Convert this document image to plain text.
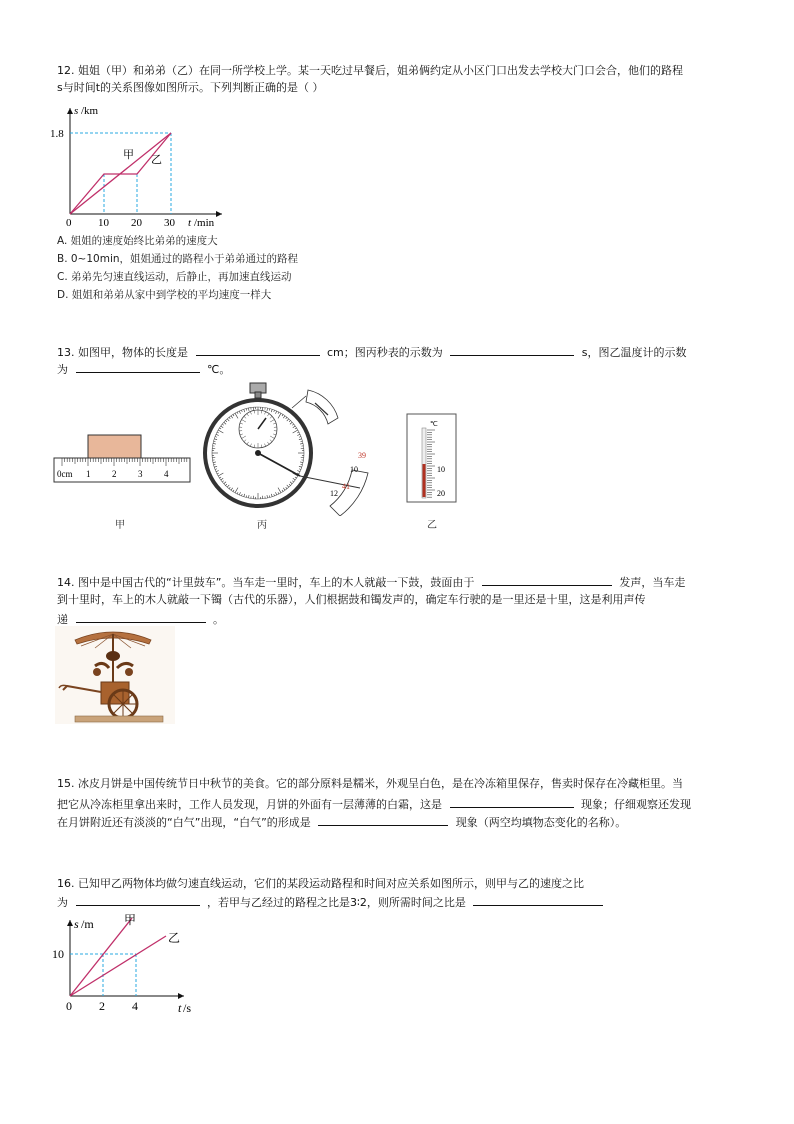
12. 姐姐（甲）和弟弟（乙）在同一所学校上学。某一天吃过早餐后，姐弟俩约定从小区门口出发去学校大门口会合，他们的路程
s与时间t的关系图像如图所示。下列判断正确的是（ ）
s /km
1.8
甲 乙
0 10 20 30 t /min
A. 姐姐的速度始终比弟弟的速度大
B. 0~10min，姐姐通过的路程小于弟弟通过的路程
C. 弟弟先匀速直线运动，后静止，再加速直线运动
D. 姐姐和弟弟从家中到学校的平均速度一样大
13. 如图甲，物体的长度是	cm；图丙秒表的示数为	s，图乙温度计的示数
为	℃。
0cm 1 2 3 4
甲
39
10
41
12
丙
℃
10
20
乙
14. 图中是中国古代的“计里鼓车”。当车走一里时，车上的木人就敲一下鼓，鼓面由于	发声，当车走
到十里时，车上的木人就敲一下镯（古代的乐器），人们根据鼓和镯发声的，确定车行驶的是一里还是十里，这是利用声传
递	。
15. 冰皮月饼是中国传统节日中秋节的美食。它的部分原料是糯米，外观呈白色，是在冷冻箱里保存，售卖时保存在冷藏柜里。当
把它从冷冻柜里拿出来时，工作人员发现，月饼的外面有一层薄薄的白霜，这是	现象；仔细观察还发现
在月饼附近还有淡淡的“白气”出现，“白气”的形成是	现象（两空均填物态变化的名称）。
16. 已知甲乙两物体均做匀速直线运动，它们的某段运动路程和时间对应关系如图所示，则甲与乙的速度之比
为	，若甲与乙经过的路程之比是3∶2，则所需时间之比是
s /m
10
甲
乙
0 2 4	t /s
